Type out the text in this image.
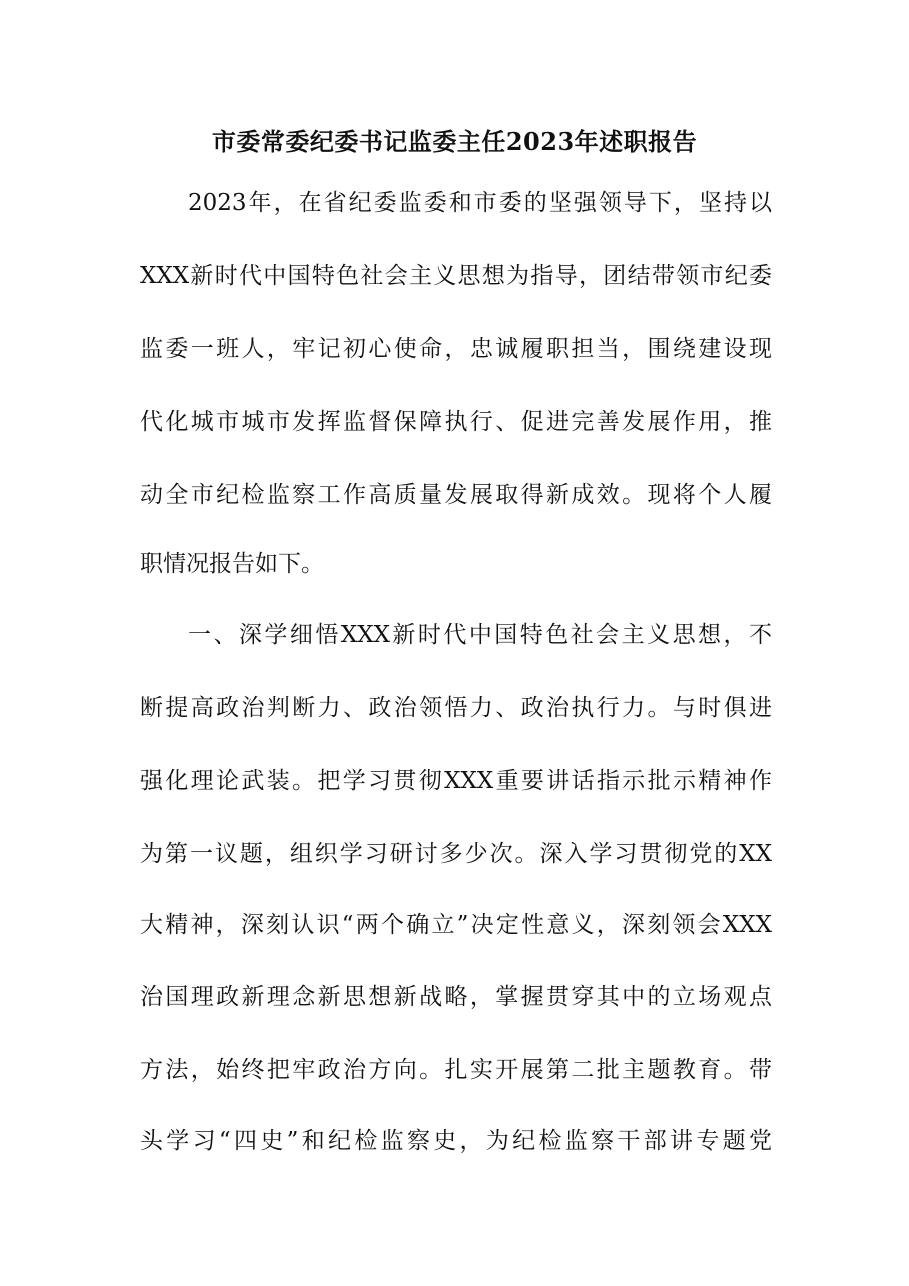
市委常委纪委书记监委主任2023年述职报告
2023年，在省纪委监委和市委的坚强领导下，坚持以
XXX新时代中国特色社会主义思想为指导，团结带领市纪委
监委一班人，牢记初心使命，忠诚履职担当，围绕建设现
代化城市城市发挥监督保障执行、促进完善发展作用，推
动全市纪检监察工作高质量发展取得新成效。现将个人履
职情况报告如下。
一、深学细悟XXX新时代中国特色社会主义思想，不
断提高政治判断力、政治领悟力、政治执行力。与时俱进
强化理论武装。把学习贯彻XXX重要讲话指示批示精神作
为第一议题，组织学习研讨多少次。深入学习贯彻党的XX
大精神，深刻认识“两个确立”决定性意义，深刻领会XXX
治国理政新理念新思想新战略，掌握贯穿其中的立场观点
方法，始终把牢政治方向。扎实开展第二批主题教育。带
头学习“四史”和纪检监察史，为纪检监察干部讲专题党
